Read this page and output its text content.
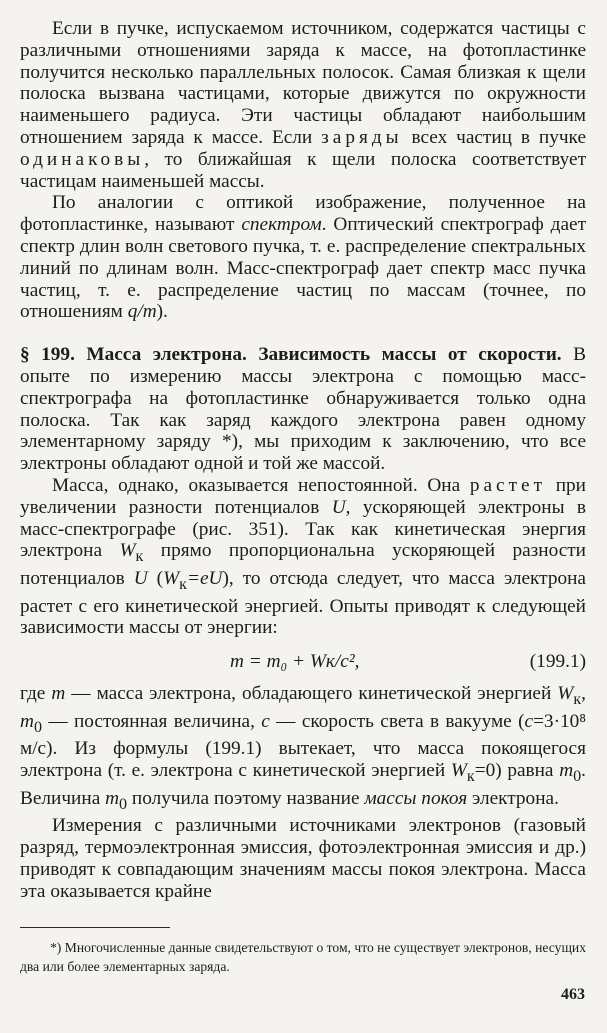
Если в пучке, испускаемом источником, содержатся частицы с различными отношениями заряда к массе, на фотопластинке получится несколько параллельных полосок. Самая близкая к щели полоска вызвана частицами, которые движутся по окружности наименьшего радиуса. Эти частицы обладают наибольшим отношением заряда к массе. Если заряды всех частиц в пучке одинаковы, то ближайшая к щели полоска соответствует частицам наименьшей массы.

По аналогии с оптикой изображение, полученное на фотопластинке, называют спектром. Оптический спектрограф дает спектр длин волн светового пучка, т. е. распределение спектральных линий по длинам волн. Масс-спектрограф дает спектр масс пучка частиц, т. е. распределение частиц по массам (точнее, по отношениям q/m).

§ 199. Масса электрона. Зависимость массы от скорости. В опыте по измерению массы электрона с помощью масс-спектрографа на фотопластинке обнаруживается только одна полоска. Так как заряд каждого электрона равен одному элементарному заряду *), мы приходим к заключению, что все электроны обладают одной и той же массой.

Масса, однако, оказывается непостоянной. Она растет при увеличении разности потенциалов U, ускоряющей электроны в масс-спектрографе (рис. 351). Так как кинетическая энергия электрона $W_к$ прямо пропорциональна ускоряющей разности потенциалов U $(W_к=eU)$, то отсюда следует, что масса электрона растет с его кинетической энергией. Опыты приводят к следующей зависимости массы от энергии:

m = m₀ + Wк/c²,	(199.1)

где m — масса электрона, обладающего кинетической энергией $W_к$, $m_0$ — постоянная величина, c — скорость света в вакууме (c=3·10⁸ м/с). Из формулы (199.1) вытекает, что масса покоящегося электрона (т. е. электрона с кинетической энергией $W_к=0$) равна $m_0$. Величина $m_0$ получила поэтому название массы покоя электрона.

Измерения с различными источниками электронов (газовый разряд, термоэлектронная эмиссия, фотоэлектронная эмиссия и др.) приводят к совпадающим значениям массы покоя электрона. Масса эта оказывается крайне

*) Многочисленные данные свидетельствуют о том, что не существует электронов, несущих два или более элементарных заряда.
463
